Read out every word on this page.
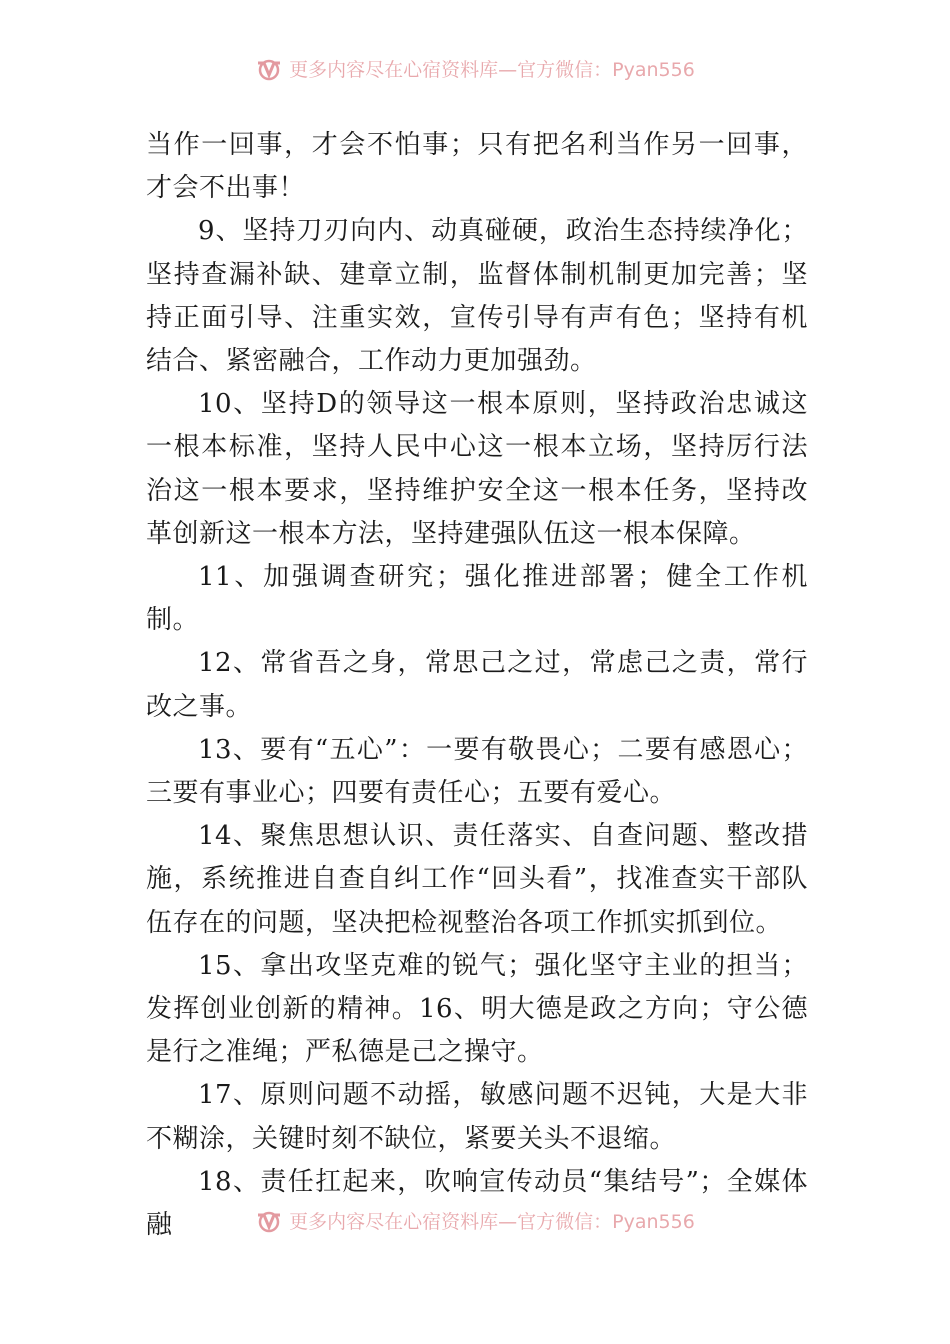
更多内容尽在心宿资料库—官方微信：Pyan556

当作一回事，才会不怕事；只有把名利当作另一回事，才会不出事！

9、坚持刀刃向内、动真碰硬，政治生态持续净化；坚持查漏补缺、建章立制，监督体制机制更加完善；坚持正面引导、注重实效，宣传引导有声有色；坚持有机结合、紧密融合，工作动力更加强劲。

10、坚持D的领导这一根本原则，坚持政治忠诚这一根本标准，坚持人民中心这一根本立场，坚持厉行法治这一根本要求，坚持维护安全这一根本任务，坚持改革创新这一根本方法，坚持建强队伍这一根本保障。

11、加强调查研究；强化推进部署；健全工作机制。

12、常省吾之身，常思己之过，常虑己之责，常行改之事。

13、要有“五心”：一要有敬畏心；二要有感恩心；三要有事业心；四要有责任心；五要有爱心。

14、聚焦思想认识、责任落实、自查问题、整改措施，系统推进自查自纠工作“回头看”，找准查实干部队伍存在的问题，坚决把检视整治各项工作抓实抓到位。

15、拿出攻坚克难的锐气；强化坚守主业的担当；发挥创业创新的精神。16、明大德是政之方向；守公德是行之准绳；严私德是己之操守。

17、原则问题不动摇，敏感问题不迟钝，大是大非不糊涂，关键时刻不缺位，紧要关头不退缩。

18、责任扛起来，吹响宣传动员“集结号”；全媒体融	更多内容尽在心宿资料库—官方微信：Pyan556
